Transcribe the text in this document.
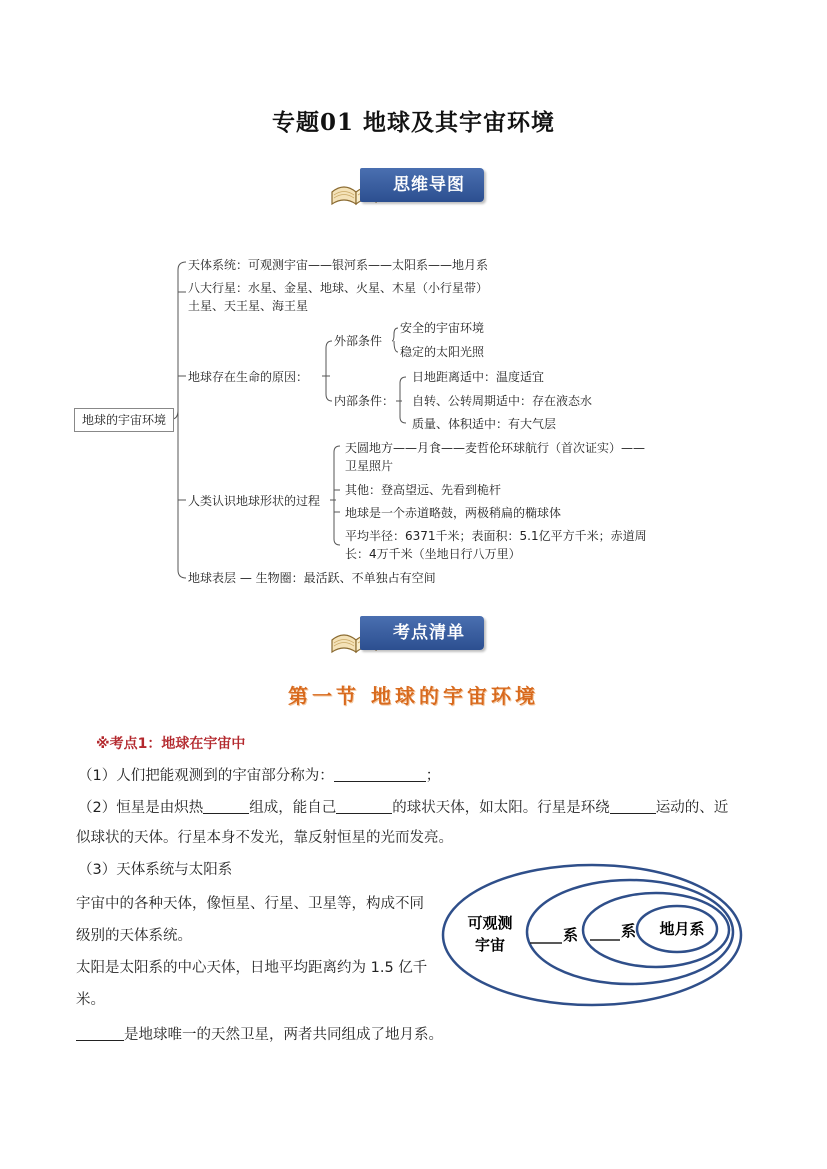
专题01 地球及其宇宙环境
思维导图
地球的宇宙环境
天体系统：可观测宇宙——银河系——太阳系——地月系
八大行星：水星、金星、地球、火星、木星（小行星带）
土星、天王星、海王星
地球存在生命的原因：
外部条件
安全的宇宙环境
稳定的太阳光照
内部条件：
日地距离适中：温度适宜
自转、公转周期适中：存在液态水
质量、体积适中：有大气层
人类认识地球形状的过程
天圆地方——月食——麦哲伦环球航行（首次证实）——
卫星照片
其他：登高望远、先看到桅杆
地球是一个赤道略鼓，两极稍扁的椭球体
平均半径：6371千米；表面积：5.1亿平方千米；赤道周
长：4万千米（坐地日行八万里）
地球表层 — 生物圈：最活跃、不单独占有空间
考点清单
第一节 地球的宇宙环境
※考点1：地球在宇宙中
（1）人们把能观测到的宇宙部分称为：	；
（2）恒星是由炽热	组成，能自己	的球状天体，如太阳。行星是环绕	运动的、近
似球状的天体。行星本身不发光，靠反射恒星的光而发亮。
（3）天体系统与太阳系
宇宙中的各种天体，像恒星、行星、卫星等，构成不同
级别的天体系统。
太阳是太阳系的中心天体，日地平均距离约为 1.5 亿千
米。
是地球唯一的天然卫星，两者共同组成了地月系。
可观测
宇宙
系	系 地月系
